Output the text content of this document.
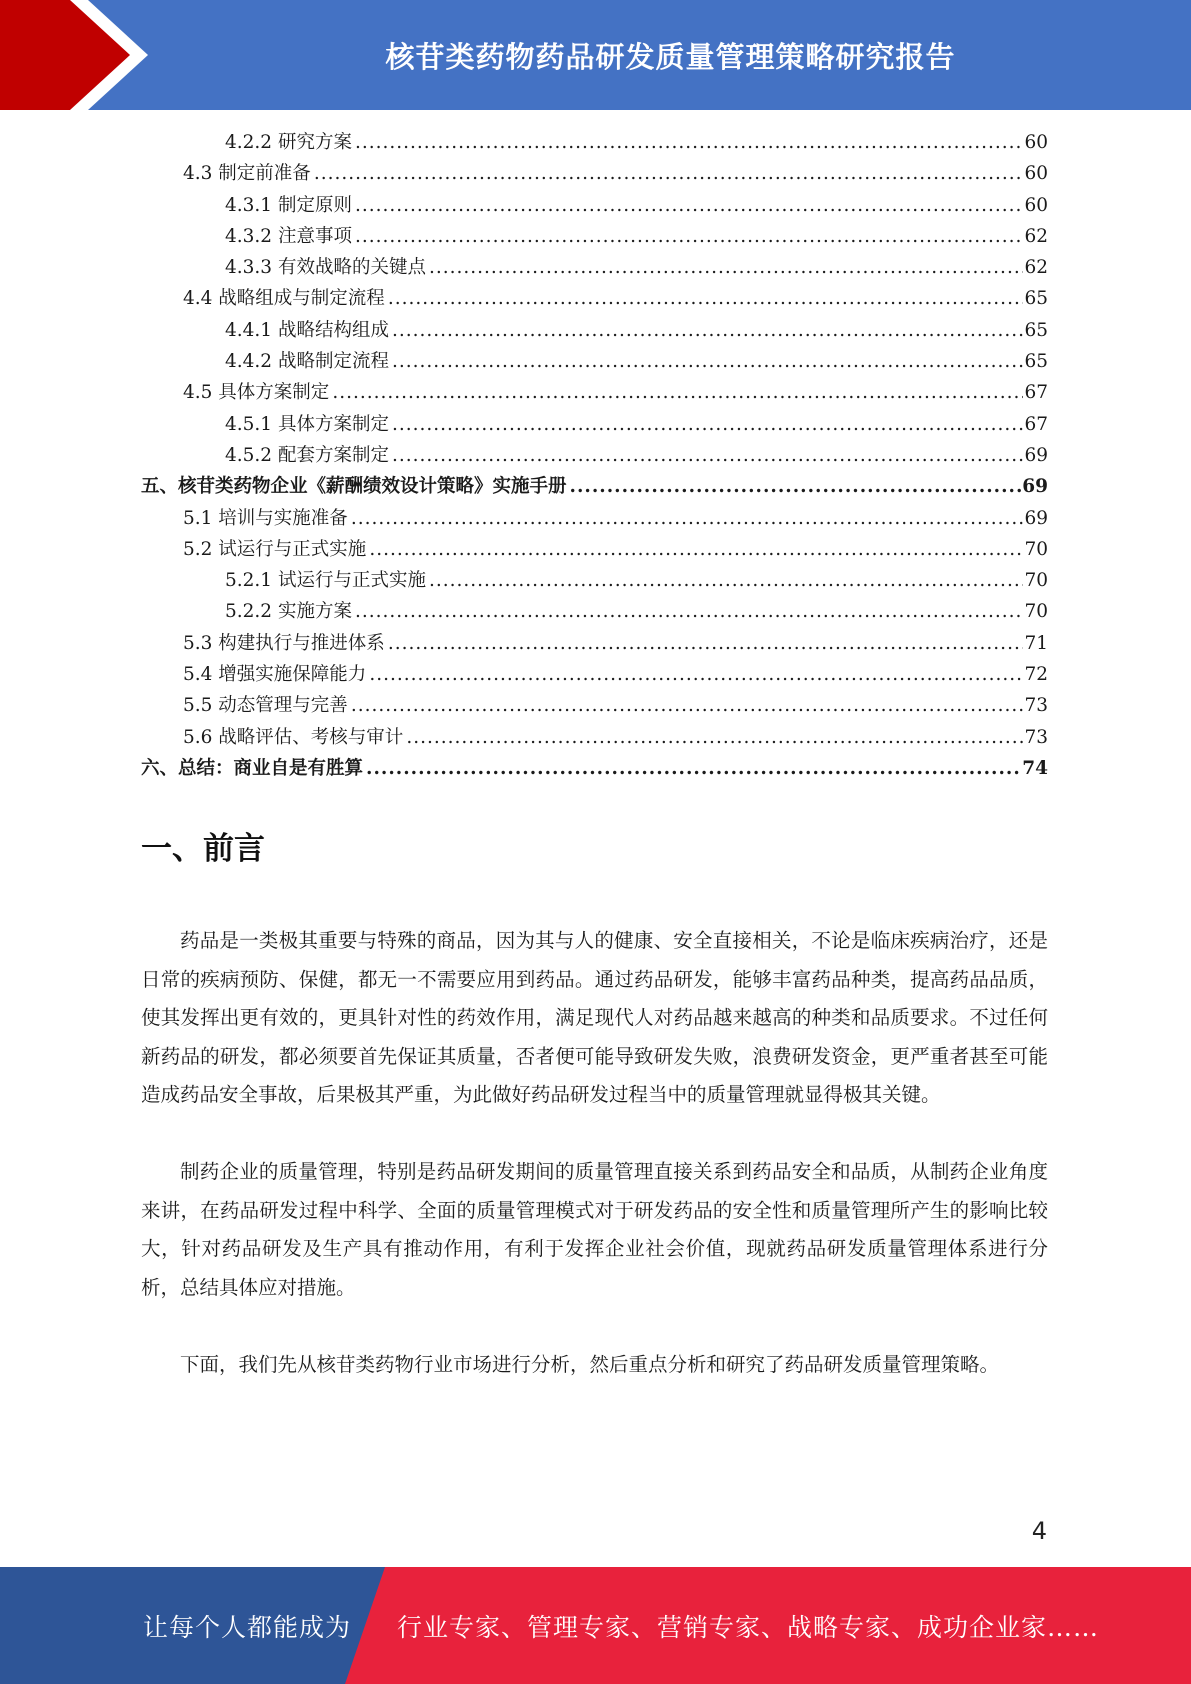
核苷类药物药品研发质量管理策略研究报告
4.2.2 研究方案 .....	60
4.3 制定前准备 .....	60
4.3.1 制定原则 .....	60
4.3.2 注意事项 .....	62
4.3.3 有效战略的关键点 .....	62
4.4 战略组成与制定流程 .....	65
4.4.1 战略结构组成 .....	65
4.4.2 战略制定流程 .....	65
4.5 具体方案制定 .....	67
4.5.1 具体方案制定 .....	67
4.5.2 配套方案制定 .....	69
五、核苷类药物企业《薪酬绩效设计策略》实施手册 .....	69
5.1 培训与实施准备 .....	69
5.2 试运行与正式实施 .....	70
5.2.1 试运行与正式实施 .....	70
5.2.2 实施方案 .....	70
5.3 构建执行与推进体系 .....	71
5.4 增强实施保障能力 .....	72
5.5 动态管理与完善 .....	73
5.6 战略评估、考核与审计 .....	73
六、总结：商业自是有胜算 .....	74
一、前言

药品是一类极其重要与特殊的商品，因为其与人的健康、安全直接相关，不论是临床疾病治疗，还是日常的疾病预防、保健，都无一不需要应用到药品。通过药品研发，能够丰富药品种类，提高药品品质，使其发挥出更有效的，更具针对性的药效作用，满足现代人对药品越来越高的种类和品质要求。不过任何新药品的研发，都必须要首先保证其质量，否者便可能导致研发失败，浪费研发资金，更严重者甚至可能造成药品安全事故，后果极其严重，为此做好药品研发过程当中的质量管理就显得极其关键。

制药企业的质量管理，特别是药品研发期间的质量管理直接关系到药品安全和品质，从制药企业角度来讲，在药品研发过程中科学、全面的质量管理模式对于研发药品的安全性和质量管理所产生的影响比较大，针对药品研发及生产具有推动作用，有利于发挥企业社会价值，现就药品研发质量管理体系进行分析，总结具体应对措施。

下面，我们先从核苷类药物行业市场进行分析，然后重点分析和研究了药品研发质量管理策略。

4
让每个人都能成为 行业专家、管理专家、营销专家、战略专家、成功企业家……
